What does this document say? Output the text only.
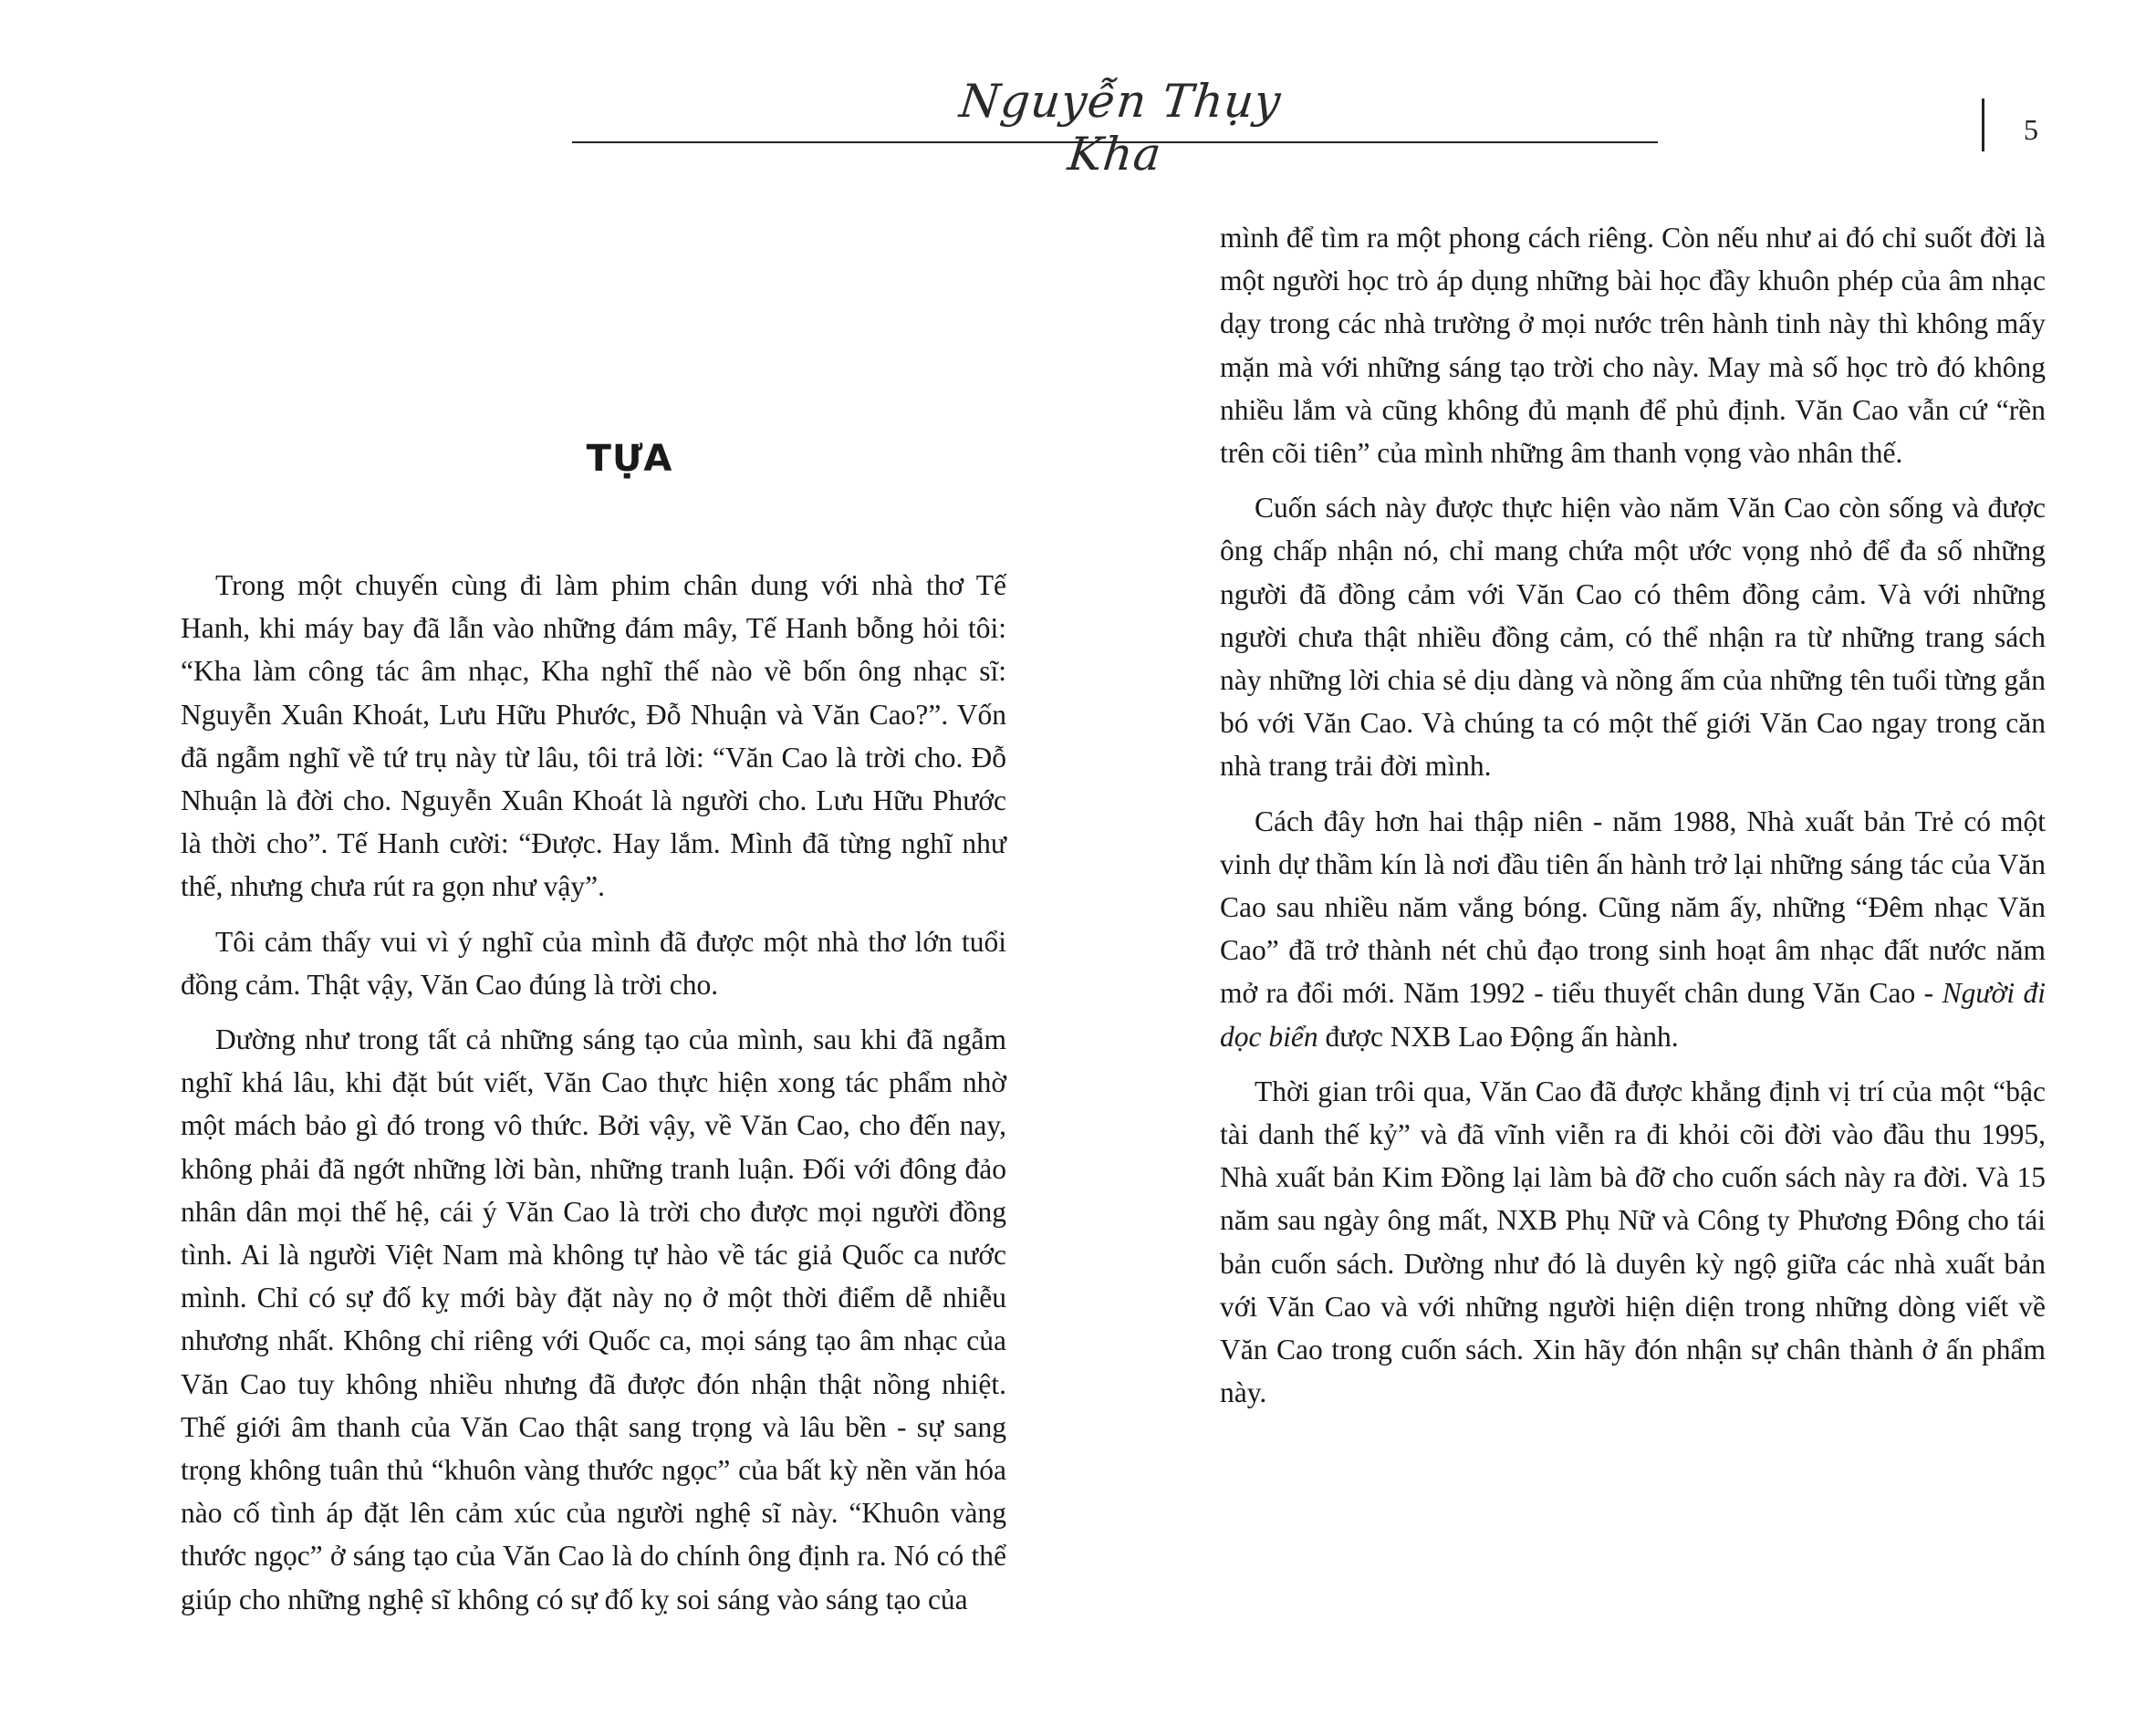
Nguyễn Thụy Kha	5
TỰA

Trong một chuyến cùng đi làm phim chân dung với nhà thơ Tế Hanh, khi máy bay đã lẫn vào những đám mây, Tế Hanh bỗng hỏi tôi: “Kha làm công tác âm nhạc, Kha nghĩ thế nào về bốn ông nhạc sĩ: Nguyễn Xuân Khoát, Lưu Hữu Phước, Đỗ Nhuận và Văn Cao?”. Vốn đã ngẫm nghĩ về tứ trụ này từ lâu, tôi trả lời: “Văn Cao là trời cho. Đỗ Nhuận là đời cho. Nguyễn Xuân Khoát là người cho. Lưu Hữu Phước là thời cho”. Tế Hanh cười: “Được. Hay lắm. Mình đã từng nghĩ như thế, nhưng chưa rút ra gọn như vậy”.

Tôi cảm thấy vui vì ý nghĩ của mình đã được một nhà thơ lớn tuổi đồng cảm. Thật vậy, Văn Cao đúng là trời cho.

Dường như trong tất cả những sáng tạo của mình, sau khi đã ngẫm nghĩ khá lâu, khi đặt bút viết, Văn Cao thực hiện xong tác phẩm nhờ một mách bảo gì đó trong vô thức. Bởi vậy, về Văn Cao, cho đến nay, không phải đã ngớt những lời bàn, những tranh luận. Đối với đông đảo nhân dân mọi thế hệ, cái ý Văn Cao là trời cho được mọi người đồng tình. Ai là người Việt Nam mà không tự hào về tác giả Quốc ca nước mình. Chỉ có sự đố kỵ mới bày đặt này nọ ở một thời điểm dễ nhiễu nhương nhất. Không chỉ riêng với Quốc ca, mọi sáng tạo âm nhạc của Văn Cao tuy không nhiều nhưng đã được đón nhận thật nồng nhiệt. Thế giới âm thanh của Văn Cao thật sang trọng và lâu bền - sự sang trọng không tuân thủ “khuôn vàng thước ngọc” của bất kỳ nền văn hóa nào cố tình áp đặt lên cảm xúc của người nghệ sĩ này. “Khuôn vàng thước ngọc” ở sáng tạo của Văn Cao là do chính ông định ra. Nó có thể giúp cho những nghệ sĩ không có sự đố kỵ soi sáng vào sáng tạo của

mình để tìm ra một phong cách riêng. Còn nếu như ai đó chỉ suốt đời là một người học trò áp dụng những bài học đầy khuôn phép của âm nhạc dạy trong các nhà trường ở mọi nước trên hành tinh này thì không mấy mặn mà với những sáng tạo trời cho này. May mà số học trò đó không nhiều lắm và cũng không đủ mạnh để phủ định. Văn Cao vẫn cứ “rền trên cõi tiên” của mình những âm thanh vọng vào nhân thế.

Cuốn sách này được thực hiện vào năm Văn Cao còn sống và được ông chấp nhận nó, chỉ mang chứa một ước vọng nhỏ để đa số những người đã đồng cảm với Văn Cao có thêm đồng cảm. Và với những người chưa thật nhiều đồng cảm, có thể nhận ra từ những trang sách này những lời chia sẻ dịu dàng và nồng ấm của những tên tuổi từng gắn bó với Văn Cao. Và chúng ta có một thế giới Văn Cao ngay trong căn nhà trang trải đời mình.

Cách đây hơn hai thập niên - năm 1988, Nhà xuất bản Trẻ có một vinh dự thầm kín là nơi đầu tiên ấn hành trở lại những sáng tác của Văn Cao sau nhiều năm vắng bóng. Cũng năm ấy, những “Đêm nhạc Văn Cao” đã trở thành nét chủ đạo trong sinh hoạt âm nhạc đất nước năm mở ra đổi mới. Năm 1992 - tiểu thuyết chân dung Văn Cao - Người đi dọc biển được NXB Lao Động ấn hành.

Thời gian trôi qua, Văn Cao đã được khẳng định vị trí của một “bậc tài danh thế kỷ” và đã vĩnh viễn ra đi khỏi cõi đời vào đầu thu 1995, Nhà xuất bản Kim Đồng lại làm bà đỡ cho cuốn sách này ra đời. Và 15 năm sau ngày ông mất, NXB Phụ Nữ và Công ty Phương Đông cho tái bản cuốn sách. Dường như đó là duyên kỳ ngộ giữa các nhà xuất bản với Văn Cao và với những người hiện diện trong những dòng viết về Văn Cao trong cuốn sách. Xin hãy đón nhận sự chân thành ở ấn phẩm này.
